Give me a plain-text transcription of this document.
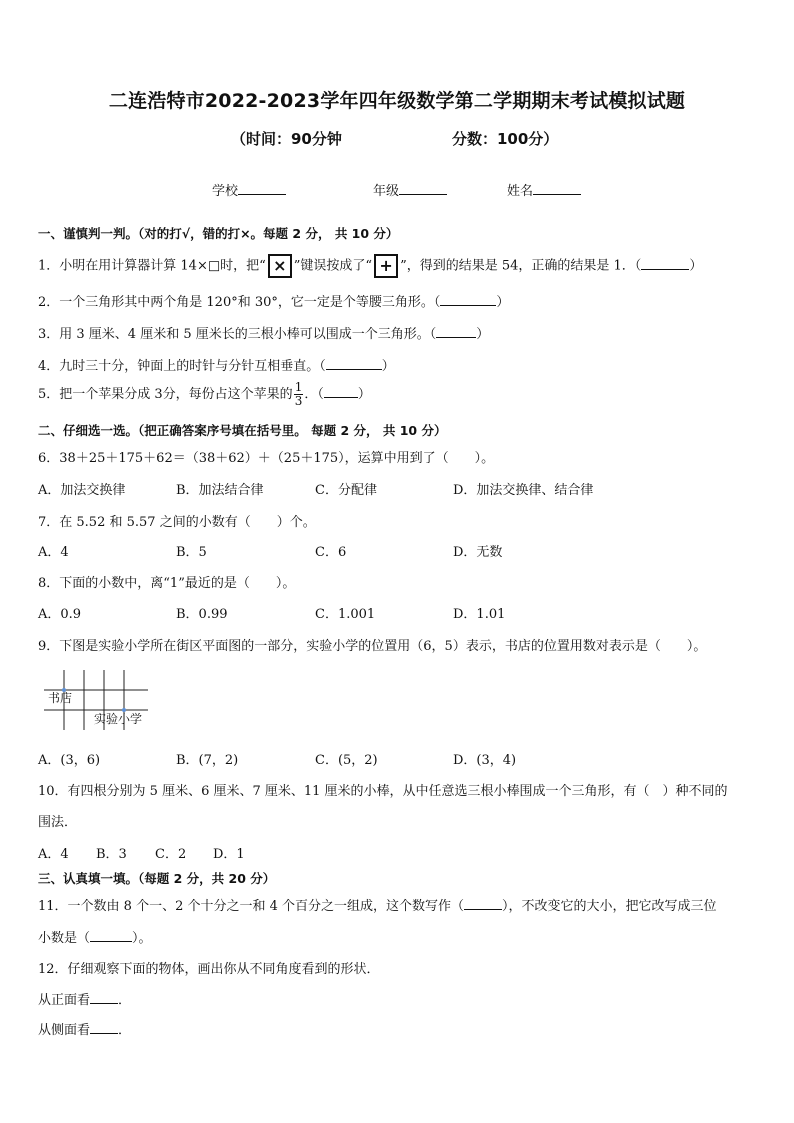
二连浩特市2022-2023学年四年级数学第二学期期末考试模拟试题
（时间：90分钟	分数：100分）
学校	年级	姓名
一、谨慎判一判。（对的打√，错的打×。每题 2 分， 共 10 分）
1．小明在用计算器计算 14×□时，把“ × ”键误按成了“ + ”，得到的结果是 54，正确的结果是 1．（	）
2．一个三角形其中两个角是 120°和 30°，它一定是个等腰三角形。（	）
3．用 3 厘米、4 厘米和 5 厘米长的三根小棒可以围成一个三角形。（	）
4．九时三十分，钟面上的时针与分针互相垂直。（	）
5．把一个苹果分成 3分，每份占这个苹果的 $\frac{1}{3}$ ．（	）
二、仔细选一选。（把正确答案序号填在括号里。 每题 2 分， 共 10 分）
6．38＋25＋175＋62＝（38＋62）＋（25＋175），运算中用到了（　　）。
A．加法交换律	B．加法结合律	C．分配律	D．加法交换律、结合律
7．在 5.52 和 5.57 之间的小数有（　　）个。
A．4	B．5	C．6	D．无数
8．下面的小数中，离“1”最近的是（　　）。
A．0.9	B．0.99	C．1.001	D．1.01
9．下图是实验小学所在街区平面图的一部分，实验小学的位置用（6，5）表示，书店的位置用数对表示是（　　）。
书店
实验小学
A．(3，6)	B．(7，2)	C．(5，2)	D．(3，4)
10．有四根分别为 5 厘米、6 厘米、7 厘米、11 厘米的小棒，从中任意选三根小棒围成一个三角形，有（　）种不同的
围法．
A．4 B．3 C．2 D．1
三、认真填一填。（每题 2 分，共 20 分）
11．一个数由 8 个一、2 个十分之一和 4 个百分之一组成，这个数写作（	），不改变它的大小，把它改写成三位
小数是（	）。
12．仔细观察下面的物体，画出你从不同角度看到的形状．
从正面看 ．
从侧面看 ．
